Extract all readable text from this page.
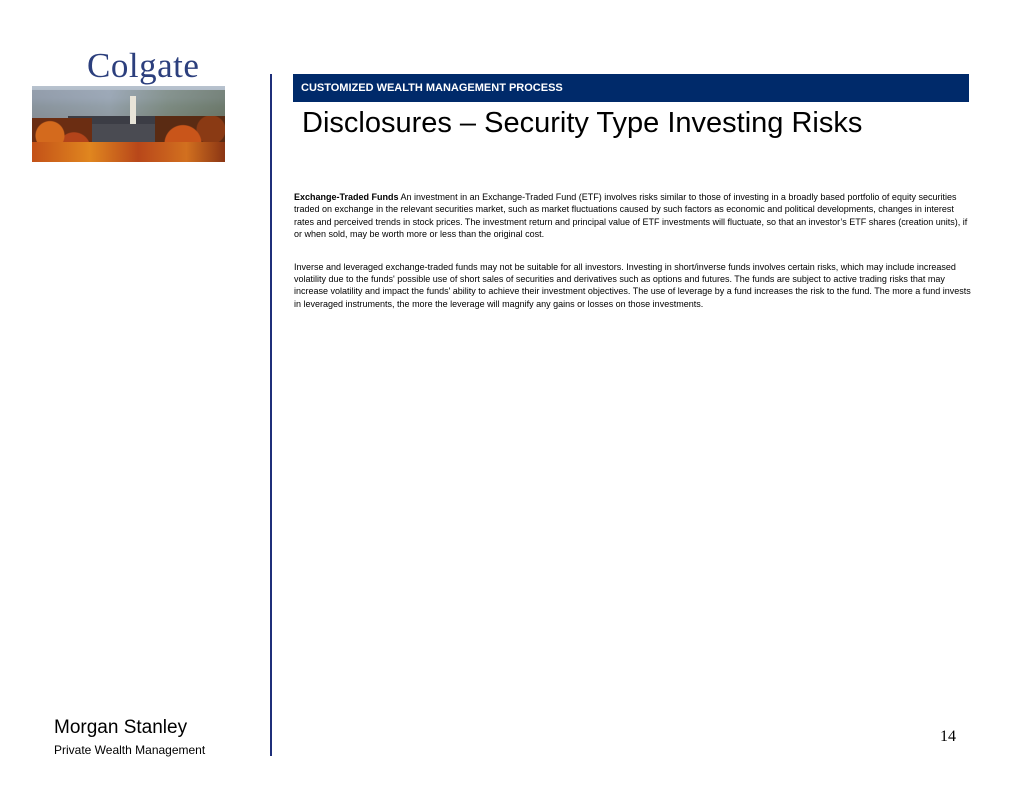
Colgate
CUSTOMIZED WEALTH MANAGEMENT PROCESS
Disclosures – Security Type Investing Risks

Exchange-Traded Funds An investment in an Exchange-Traded Fund (ETF) involves risks similar to those of investing in a broadly based portfolio of equity securities traded on exchange in the relevant securities market, such as market fluctuations caused by such factors as economic and political developments, changes in interest rates and perceived trends in stock prices. The investment return and principal value of ETF investments will fluctuate, so that an investor’s ETF shares (creation units), if or when sold, may be worth more or less than the original cost.

Inverse and leveraged exchange-traded funds may not be suitable for all investors. Investing in short/inverse funds involves certain risks, which may include increased volatility due to the funds' possible use of short sales of securities and derivatives such as options and futures. The funds are subject to active trading risks that may increase volatility and impact the funds' ability to achieve their investment objectives. The use of leverage by a fund increases the risk to the fund. The more a fund invests in leveraged instruments, the more the leverage will magnify any gains or losses on those investments.

Morgan Stanley
Private Wealth Management
14
